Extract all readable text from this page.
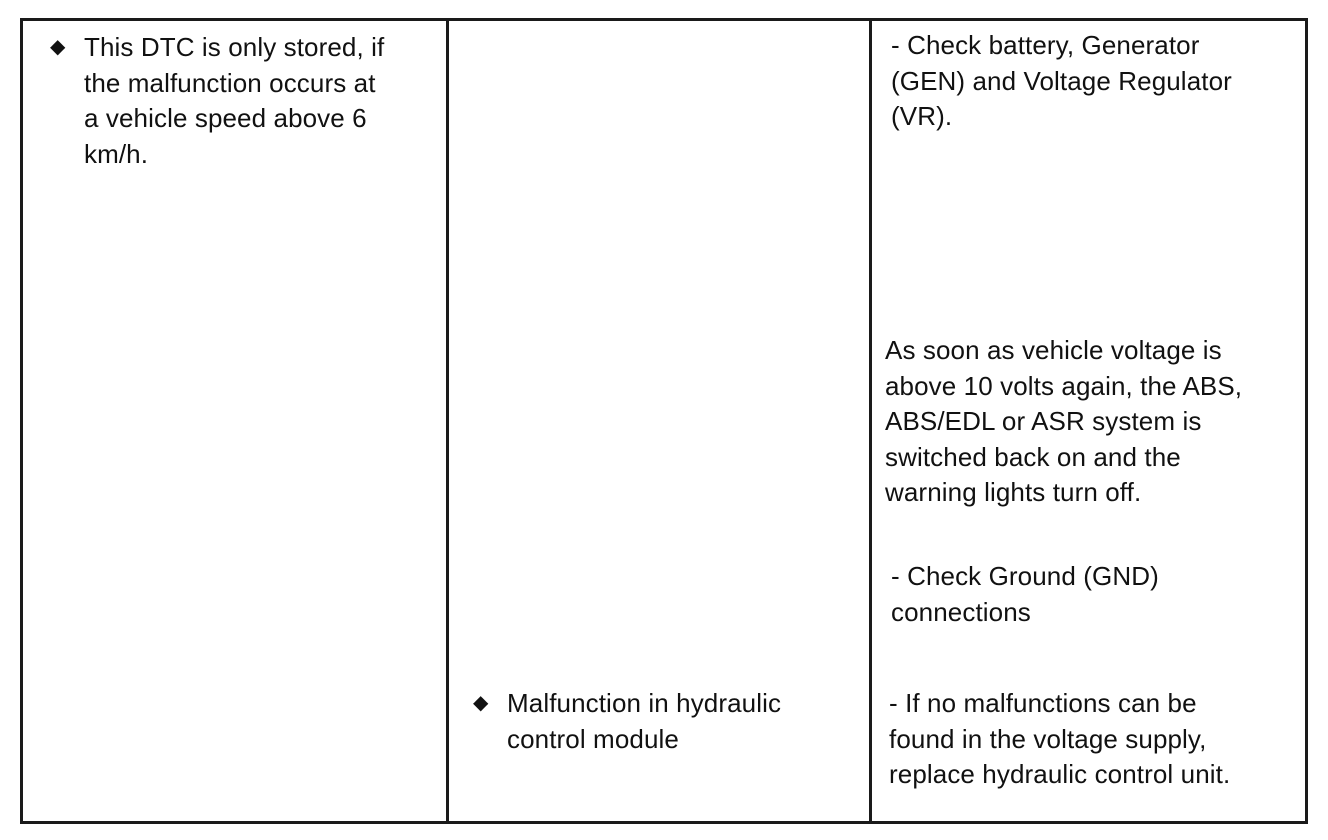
◆ This DTC is only stored, if
the malfunction occurs at
a vehicle speed above 6
km/h.
◆ Malfunction in hydraulic
control module
- Check battery, Generator
(GEN) and Voltage Regulator
(VR).
As soon as vehicle voltage is
above 10 volts again, the ABS,
ABS/EDL or ASR system is
switched back on and the
warning lights turn off.
- Check Ground (GND)
connections
- If no malfunctions can be
found in the voltage supply,
replace hydraulic control unit.
